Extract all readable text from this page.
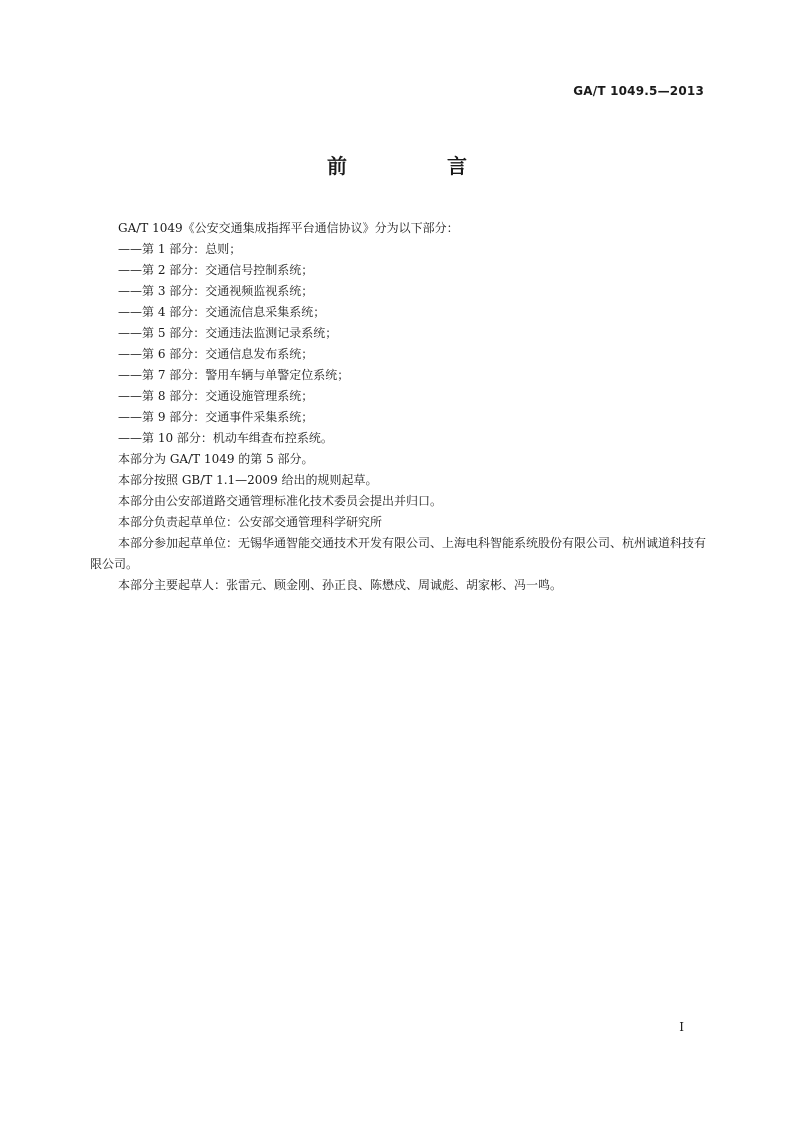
GA/T 1049.5—2013
前　言

GA/T 1049《公安交通集成指挥平台通信协议》分为以下部分：

——第 1 部分：总则；

——第 2 部分：交通信号控制系统；

——第 3 部分：交通视频监视系统；

——第 4 部分：交通流信息采集系统；

——第 5 部分：交通违法监测记录系统；

——第 6 部分：交通信息发布系统；

——第 7 部分：警用车辆与单警定位系统；

——第 8 部分：交通设施管理系统；

——第 9 部分：交通事件采集系统；

——第 10 部分：机动车缉查布控系统。

本部分为 GA/T 1049 的第 5 部分。

本部分按照 GB/T 1.1—2009 给出的规则起草。

本部分由公安部道路交通管理标准化技术委员会提出并归口。

本部分负责起草单位：公安部交通管理科学研究所

本部分参加起草单位：无锡华通智能交通技术开发有限公司、上海电科智能系统股份有限公司、杭州诚道科技有限公司。

本部分主要起草人：张雷元、顾金刚、孙正良、陈懋戍、周诚彪、胡家彬、冯一鸣。

I
